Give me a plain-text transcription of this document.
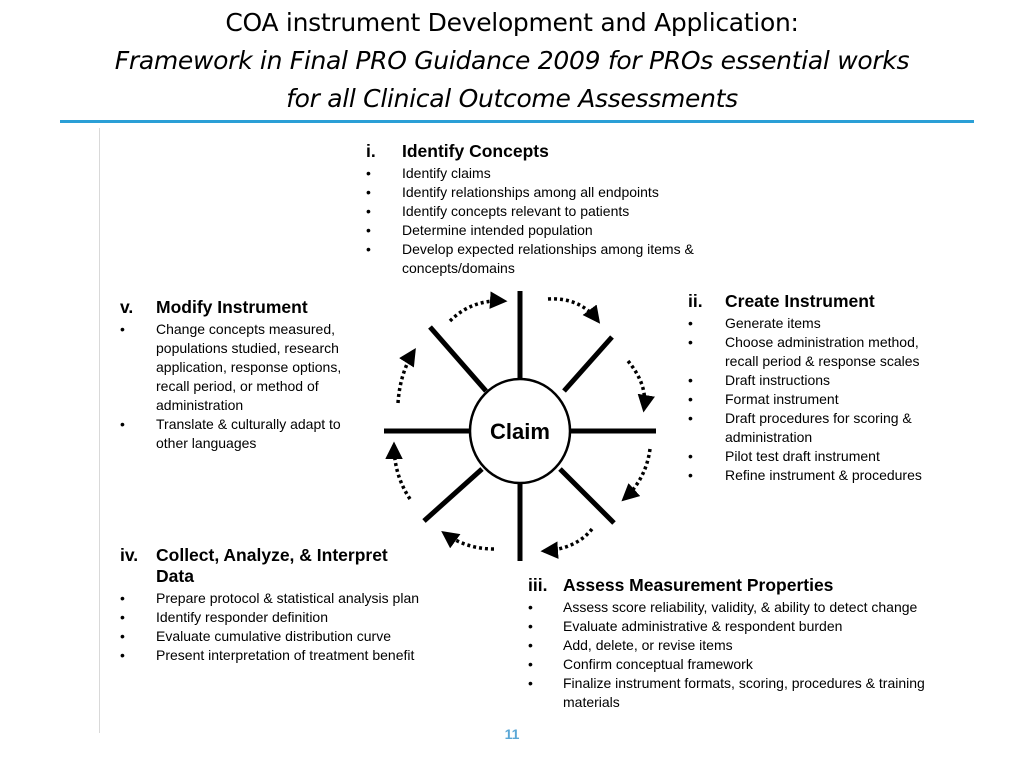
COA instrument Development and Application:
Framework in Final PRO Guidance 2009 for PROs essential works
for all Clinical Outcome Assessments
i.	Identify Concepts
•	Identify claims
•	Identify relationships among all endpoints
•	Identify concepts relevant to patients
•	Determine intended population
•	Develop expected relationships among items & concepts/domains
ii.	Create Instrument
•	Generate items
•	Choose administration method, recall period & response scales
•	Draft instructions
•	Format instrument
•	Draft procedures for scoring & administration
•	Pilot test draft instrument
•	Refine instrument & procedures
iii. Assess Measurement Properties
•	Assess score reliability, validity, & ability to detect change
•	Evaluate administrative & respondent burden
•	Add, delete, or revise items
•	Confirm conceptual framework
•	Finalize instrument formats, scoring, procedures & training materials
iv.	Collect, Analyze, & Interpret Data
•	Prepare protocol & statistical analysis plan
•	Identify responder definition
•	Evaluate cumulative distribution curve
•	Present interpretation of treatment benefit
v.	Modify Instrument
•	Change concepts measured, populations studied, research application, response options, recall period, or method of administration
•	Translate & culturally adapt to other languages	Claim
11
